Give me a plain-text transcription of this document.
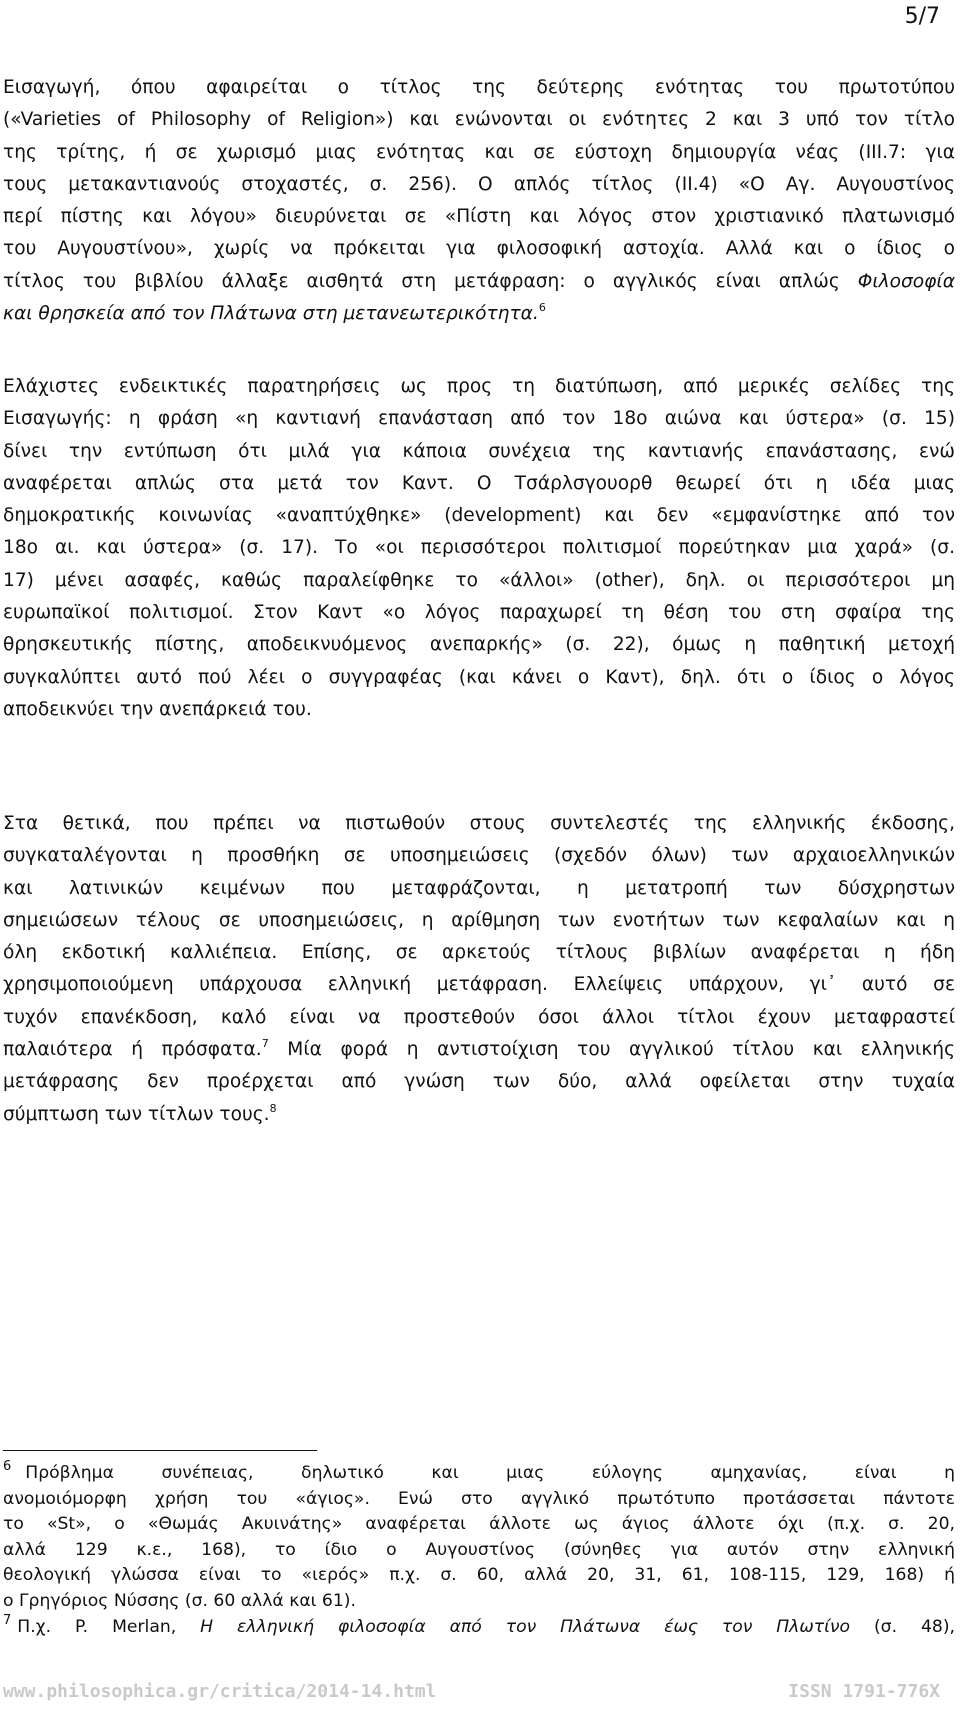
5/7
Εισαγωγή, όπου αφαιρείται ο τίτλος της δεύτερης ενότητας του πρωτοτύπου
(«Varieties of Philosophy of Religion») και ενώνονται οι ενότητες 2 και 3 υπό τον τίτλο
της τρίτης, ή σε χωρισμό μιας ενότητας και σε εύστοχη δημιουργία νέας (III.7: για
τους μετακαντιανούς στοχαστές, σ. 256). Ο απλός τίτλος (II.4) «Ο Αγ. Αυγουστίνος
περί πίστης και λόγου» διευρύνεται σε «Πίστη και λόγος στον χριστιανικό πλατωνισμό
του Αυγουστίνου», χωρίς να πρόκειται για φιλοσοφική αστοχία. Αλλά και ο ίδιος ο
τίτλος του βιβλίου άλλαξε αισθητά στη μετάφραση: ο αγγλικός είναι απλώς Φιλοσοφία
και θρησκεία από τον Πλάτωνα στη μετανεωτερικότητα.$^6$
Ελάχιστες ενδεικτικές παρατηρήσεις ως προς τη διατύπωση, από μερικές σελίδες της
Εισαγωγής: η φράση «η καντιανή επανάσταση από τον 18ο αιώνα και ύστερα» (σ. 15)
δίνει την εντύπωση ότι μιλά για κάποια συνέχεια της καντιανής επανάστασης, ενώ
αναφέρεται απλώς στα μετά τον Καντ. Ο Τσάρλσγουορθ θεωρεί ότι η ιδέα μιας
δημοκρατικής κοινωνίας «αναπτύχθηκε» (development) και δεν «εμφανίστηκε από τον
18ο αι. και ύστερα» (σ. 17). Το «οι περισσότεροι πολιτισμοί πορεύτηκαν μια χαρά» (σ.
17) μένει ασαφές, καθώς παραλείφθηκε το «άλλοι» (other), δηλ. οι περισσότεροι μη
ευρωπαϊκοί πολιτισμοί. Στον Καντ «ο λόγος παραχωρεί τη θέση του στη σφαίρα της
θρησκευτικής πίστης, αποδεικνυόμενος ανεπαρκής» (σ. 22), όμως η παθητική μετοχή
συγκαλύπτει αυτό πού λέει ο συγγραφέας (και κάνει ο Καντ), δηλ. ότι ο ίδιος ο λόγος
αποδεικνύει την ανεπάρκειά του.
Στα θετικά, που πρέπει να πιστωθούν στους συντελεστές της ελληνικής έκδοσης,
συγκαταλέγονται η προσθήκη σε υποσημειώσεις (σχεδόν όλων) των αρχαιοελληνικών
και λατινικών κειμένων που μεταφράζονται, η μετατροπή των δύσχρηστων
σημειώσεων τέλους σε υποσημειώσεις, η αρίθμηση των ενοτήτων των κεφαλαίων και η
όλη εκδοτική καλλιέπεια. Επίσης, σε αρκετούς τίτλους βιβλίων αναφέρεται η ήδη
χρησιμοποιούμενη υπάρχουσα ελληνική μετάφραση. Ελλείψεις υπάρχουν, γι᾽ αυτό σε
τυχόν επανέκδοση, καλό είναι να προστεθούν όσοι άλλοι τίτλοι έχουν μεταφραστεί
παλαιότερα ή πρόσφατα.$^7$ Μία φορά η αντιστοίχιση του αγγλικού τίτλου και ελληνικής
μετάφρασης δεν προέρχεται από γνώση των δύο, αλλά οφείλεται στην τυχαία
σύμπτωση των τίτλων τους.$^8$
$^6$ Πρόβλημα συνέπειας, δηλωτικό και μιας εύλογης αμηχανίας, είναι η
ανομοιόμορφη χρήση του «άγιος». Ενώ στο αγγλικό πρωτότυπο προτάσσεται πάντοτε
το «St», ο «Θωμάς Ακυινάτης» αναφέρεται άλλοτε ως άγιος άλλοτε όχι (π.χ. σ. 20,
αλλά 129 κ.ε., 168), το ίδιο ο Αυγουστίνος (σύνηθες για αυτόν στην ελληνική
θεολογική γλώσσα είναι το «ιερός» π.χ. σ. 60, αλλά 20, 31, 61, 108-115, 129, 168) ή
ο Γρηγόριος Νύσσης (σ. 60 αλλά και 61).
$^7$ Π.χ. P. Merlan, Η ελληνική φιλοσοφία από τον Πλάτωνα έως τον Πλωτίνο (σ. 48),
www.philosophica.gr/critica/2014-14.html	ISSN 1791-776X
